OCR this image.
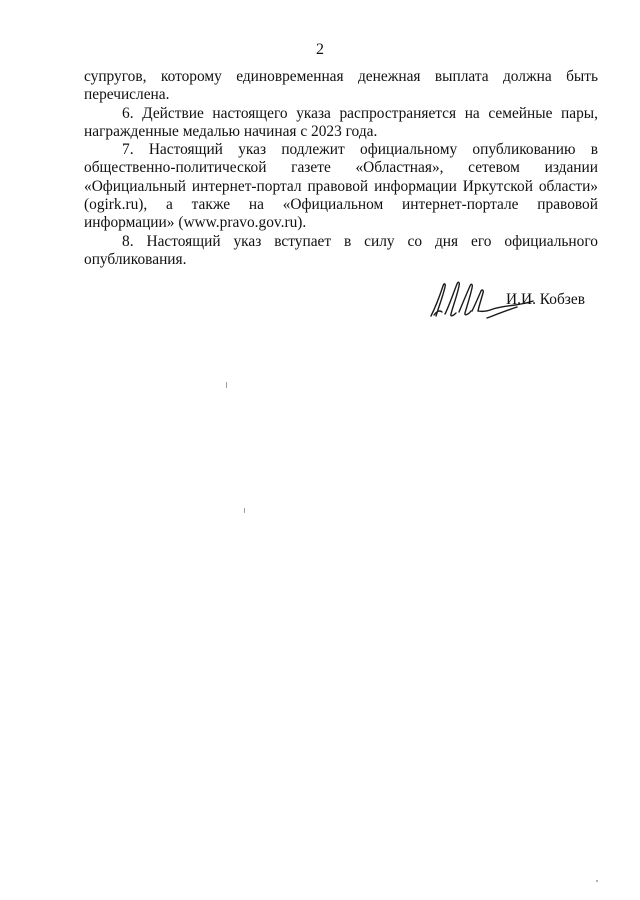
2

супругов, которому единовременная денежная выплата должна быть перечислена.

6. Действие настоящего указа распространяется на семейные пары, награжденные медалью начиная с 2023 года.

7. Настоящий указ подлежит официальному опубликованию в общественно-политической газете «Областная», сетевом издании «Официальный интернет-портал правовой информации Иркутской области» (ogirk.ru), а также на «Официальном интернет-портале правовой информации» (www.pravo.gov.ru).

8. Настоящий указ вступает в силу со дня его официального опубликования.

И.И. Кобзев
